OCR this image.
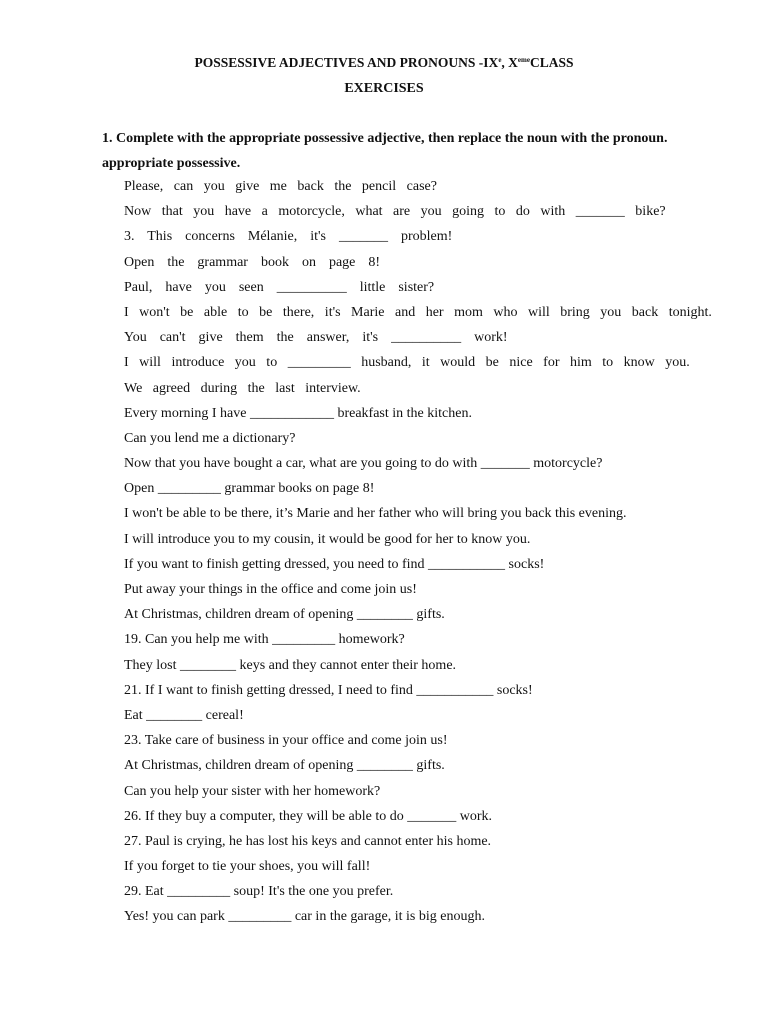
POSSESSIVE ADJECTIVES AND PRONOUNS -IXe, XemeCLASS
EXERCISES
1. Complete with the appropriate possessive adjective, then replace the noun with the pronoun.
appropriate possessive.
Please, can you give me back the pencil case?
Now that you have a motorcycle, what are you going to do with _______ bike?
3. This concerns Mélanie, it's _______ problem!
Open the grammar book on page 8!
Paul, have you seen __________ little sister?
I won't be able to be there, it's Marie and her mom who will bring you back tonight.
You can't give them the answer, it's __________ work!
I will introduce you to _________ husband, it would be nice for him to know you.
We agreed during the last interview.
Every morning I have ____________ breakfast in the kitchen.
Can you lend me a dictionary?
Now that you have bought a car, what are you going to do with _______ motorcycle?
Open _________ grammar books on page 8!
I won't be able to be there, it’s Marie and her father who will bring you back this evening.
I will introduce you to my cousin, it would be good for her to know you.
If you want to finish getting dressed, you need to find ___________ socks!
Put away your things in the office and come join us!
At Christmas, children dream of opening ________ gifts.
19. Can you help me with _________ homework?
They lost ________ keys and they cannot enter their home.
21. If I want to finish getting dressed, I need to find ___________ socks!
Eat ________ cereal!
23. Take care of business in your office and come join us!
At Christmas, children dream of opening ________ gifts.
Can you help your sister with her homework?
26. If they buy a computer, they will be able to do _______ work.
27. Paul is crying, he has lost his keys and cannot enter his home.
If you forget to tie your shoes, you will fall!
29. Eat _________ soup! It's the one you prefer.
Yes! you can park _________ car in the garage, it is big enough.
